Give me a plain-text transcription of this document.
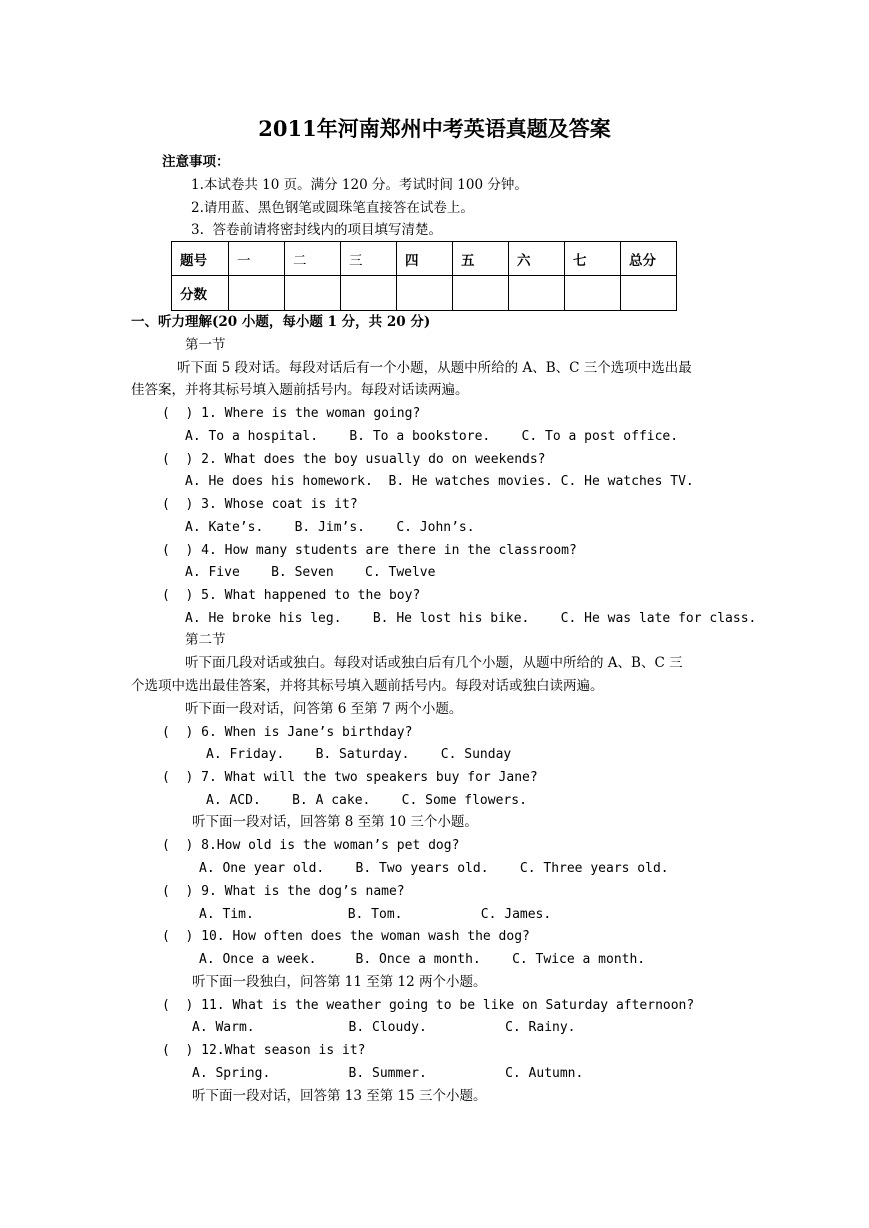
2011年河南郑州中考英语真题及答案
注意事项：
1.本试卷共 10 页。满分 120 分。考试时间 100 分钟。
2.请用蓝、黑色钢笔或圆珠笔直接答在试卷上。
3.  答卷前请将密封线内的项目填写清楚。
题号	一	二	三	四	五	六	七	总分
分数								
一、听力理解(20 小题，每小题 1 分，共 20 分)
第一节
听下面 5 段对话。每段对话后有一个小题，从题中所给的 A、B、C 三个选项中选出最
佳答案，并将其标号填入题前括号内。每段对话读两遍。
(  ) 1. Where is the woman going?
A. To a hospital.    B. To a bookstore.    C. To a post office.
(  ) 2. What does the boy usually do on weekends?
A. He does his homework.  B. He watches movies. C. He watches TV.
(  ) 3. Whose coat is it?
A. Kate’s.    B. Jim’s.    C. John’s.
(  ) 4. How many students are there in the classroom?
A. Five    B. Seven    C. Twelve
(  ) 5. What happened to the boy?
A. He broke his leg.    B. He lost his bike.    C. He was late for class.
第二节
听下面几段对话或独白。每段对话或独白后有几个小题，从题中所给的 A、B、C 三
个选项中选出最佳答案，并将其标号填入题前括号内。每段对话或独白读两遍。
听下面一段对话，问答第 6 至第 7 两个小题。
(  ) 6. When is Jane’s birthday?
A. Friday.    B. Saturday.    C. Sunday
(  ) 7. What will the two speakers buy for Jane?
A. ACD.    B. A cake.    C. Some flowers.
听下面一段对话，回答第 8 至第 10 三个小题。
(  ) 8.How old is the woman’s pet dog?
A. One year old.    B. Two years old.    C. Three years old.
(  ) 9. What is the dog’s name?
A. Tim.            B. Tom.          C. James.
(  ) 10. How often does the woman wash the dog?
A. Once a week.     B. Once a month.    C. Twice a month.
听下面一段独白，问答第 11 至第 12 两个小题。
(  ) 11. What is the weather going to be like on Saturday afternoon?
A. Warm.            B. Cloudy.          C. Rainy.
(  ) 12.What season is it?
A. Spring.          B. Summer.          C. Autumn.
听下面一段对话，回答第 13 至第 15 三个小题。
